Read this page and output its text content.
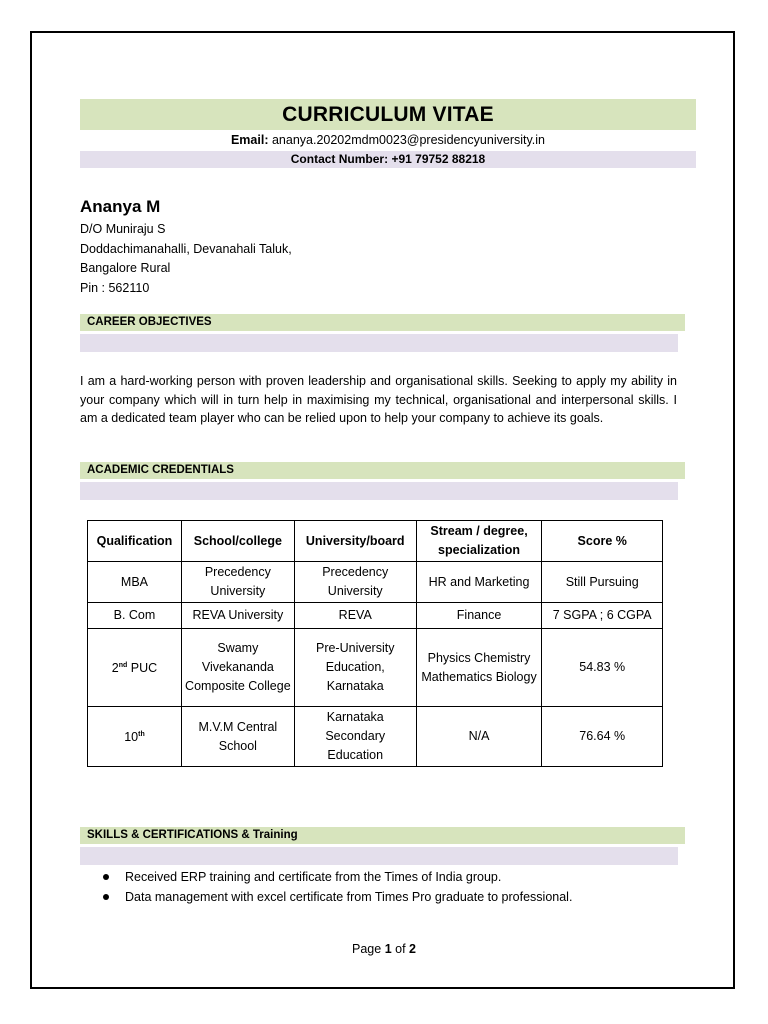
CURRICULUM VITAE
Email: ananya.20202mdm0023@presidencyuniversity.in
Contact Number: +91 79752 88218
Ananya M
D/O Muniraju S
Doddachimanahalli, Devanahali Taluk,
Bangalore Rural
Pin : 562110
CAREER OBJECTIVES
I am a hard-working person with proven leadership and organisational skills. Seeking to apply my ability in your company which will in turn help in maximising my technical, organisational and interpersonal skills. I am a dedicated team player who can be relied upon to help your company to achieve its goals.
ACADEMIC CREDENTIALS
Qualification	School/college	University/board	Stream / degree, specialization	Score %
MBA	Precedency University	Precedency University	HR and Marketing	Still Pursuing
B. Com	REVA University	REVA	Finance	7 SGPA ; 6 CGPA
2nd PUC	Swamy Vivekananda Composite College	Pre-University Education, Karnataka	Physics Chemistry Mathematics Biology	54.83 %
10th	M.V.M Central School	Karnataka Secondary Education	N/A	76.64 %
SKILLS & CERTIFICATIONS & Training
Received ERP training and certificate from the Times of India group.
Data management with excel certificate from Times Pro graduate to professional.
Page 1 of 2
